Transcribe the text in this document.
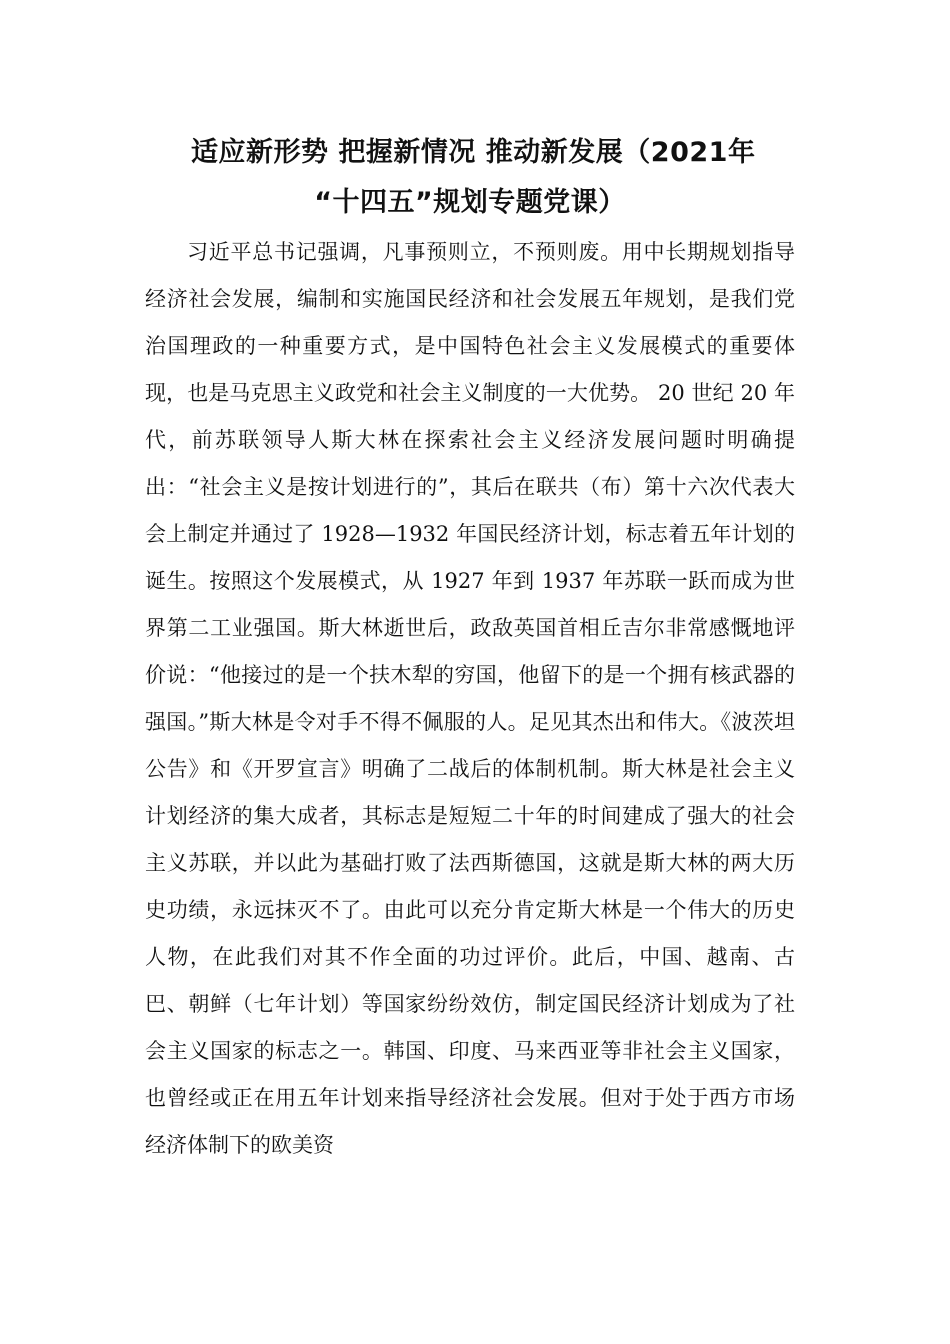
适应新形势 把握新情况 推动新发展（2021年
“十四五”规划专题党课）

习近平总书记强调，凡事预则立，不预则废。用中长期规划指导经济社会发展，编制和实施国民经济和社会发展五年规划，是我们党治国理政的一种重要方式，是中国特色社会主义发展模式的重要体现，也是马克思主义政党和社会主义制度的一大优势。 20 世纪 20 年代，前苏联领导人斯大林在探索社会主义经济发展问题时明确提出：“社会主义是按计划进行的”，其后在联共（布）第十六次代表大会上制定并通过了 1928—1932 年国民经济计划，标志着五年计划的诞生。按照这个发展模式，从 1927 年到 1937 年苏联一跃而成为世界第二工业强国。斯大林逝世后，政敌英国首相丘吉尔非常感慨地评价说：“他接过的是一个扶木犁的穷国，他留下的是一个拥有核武器的强国。”斯大林是令对手不得不佩服的人。足见其杰出和伟大。《波茨坦公告》和《开罗宣言》明确了二战后的体制机制。斯大林是社会主义计划经济的集大成者，其标志是短短二十年的时间建成了强大的社会主义苏联，并以此为基础打败了法西斯德国，这就是斯大林的两大历史功绩，永远抹灭不了。由此可以充分肯定斯大林是一个伟大的历史人物，在此我们对其不作全面的功过评价。此后，中国、越南、古巴、朝鲜（七年计划）等国家纷纷效仿，制定国民经济计划成为了社会主义国家的标志之一。韩国、印度、马来西亚等非社会主义国家，也曾经或正在用五年计划来指导经济社会发展。但对于处于西方市场经济体制下的欧美资
